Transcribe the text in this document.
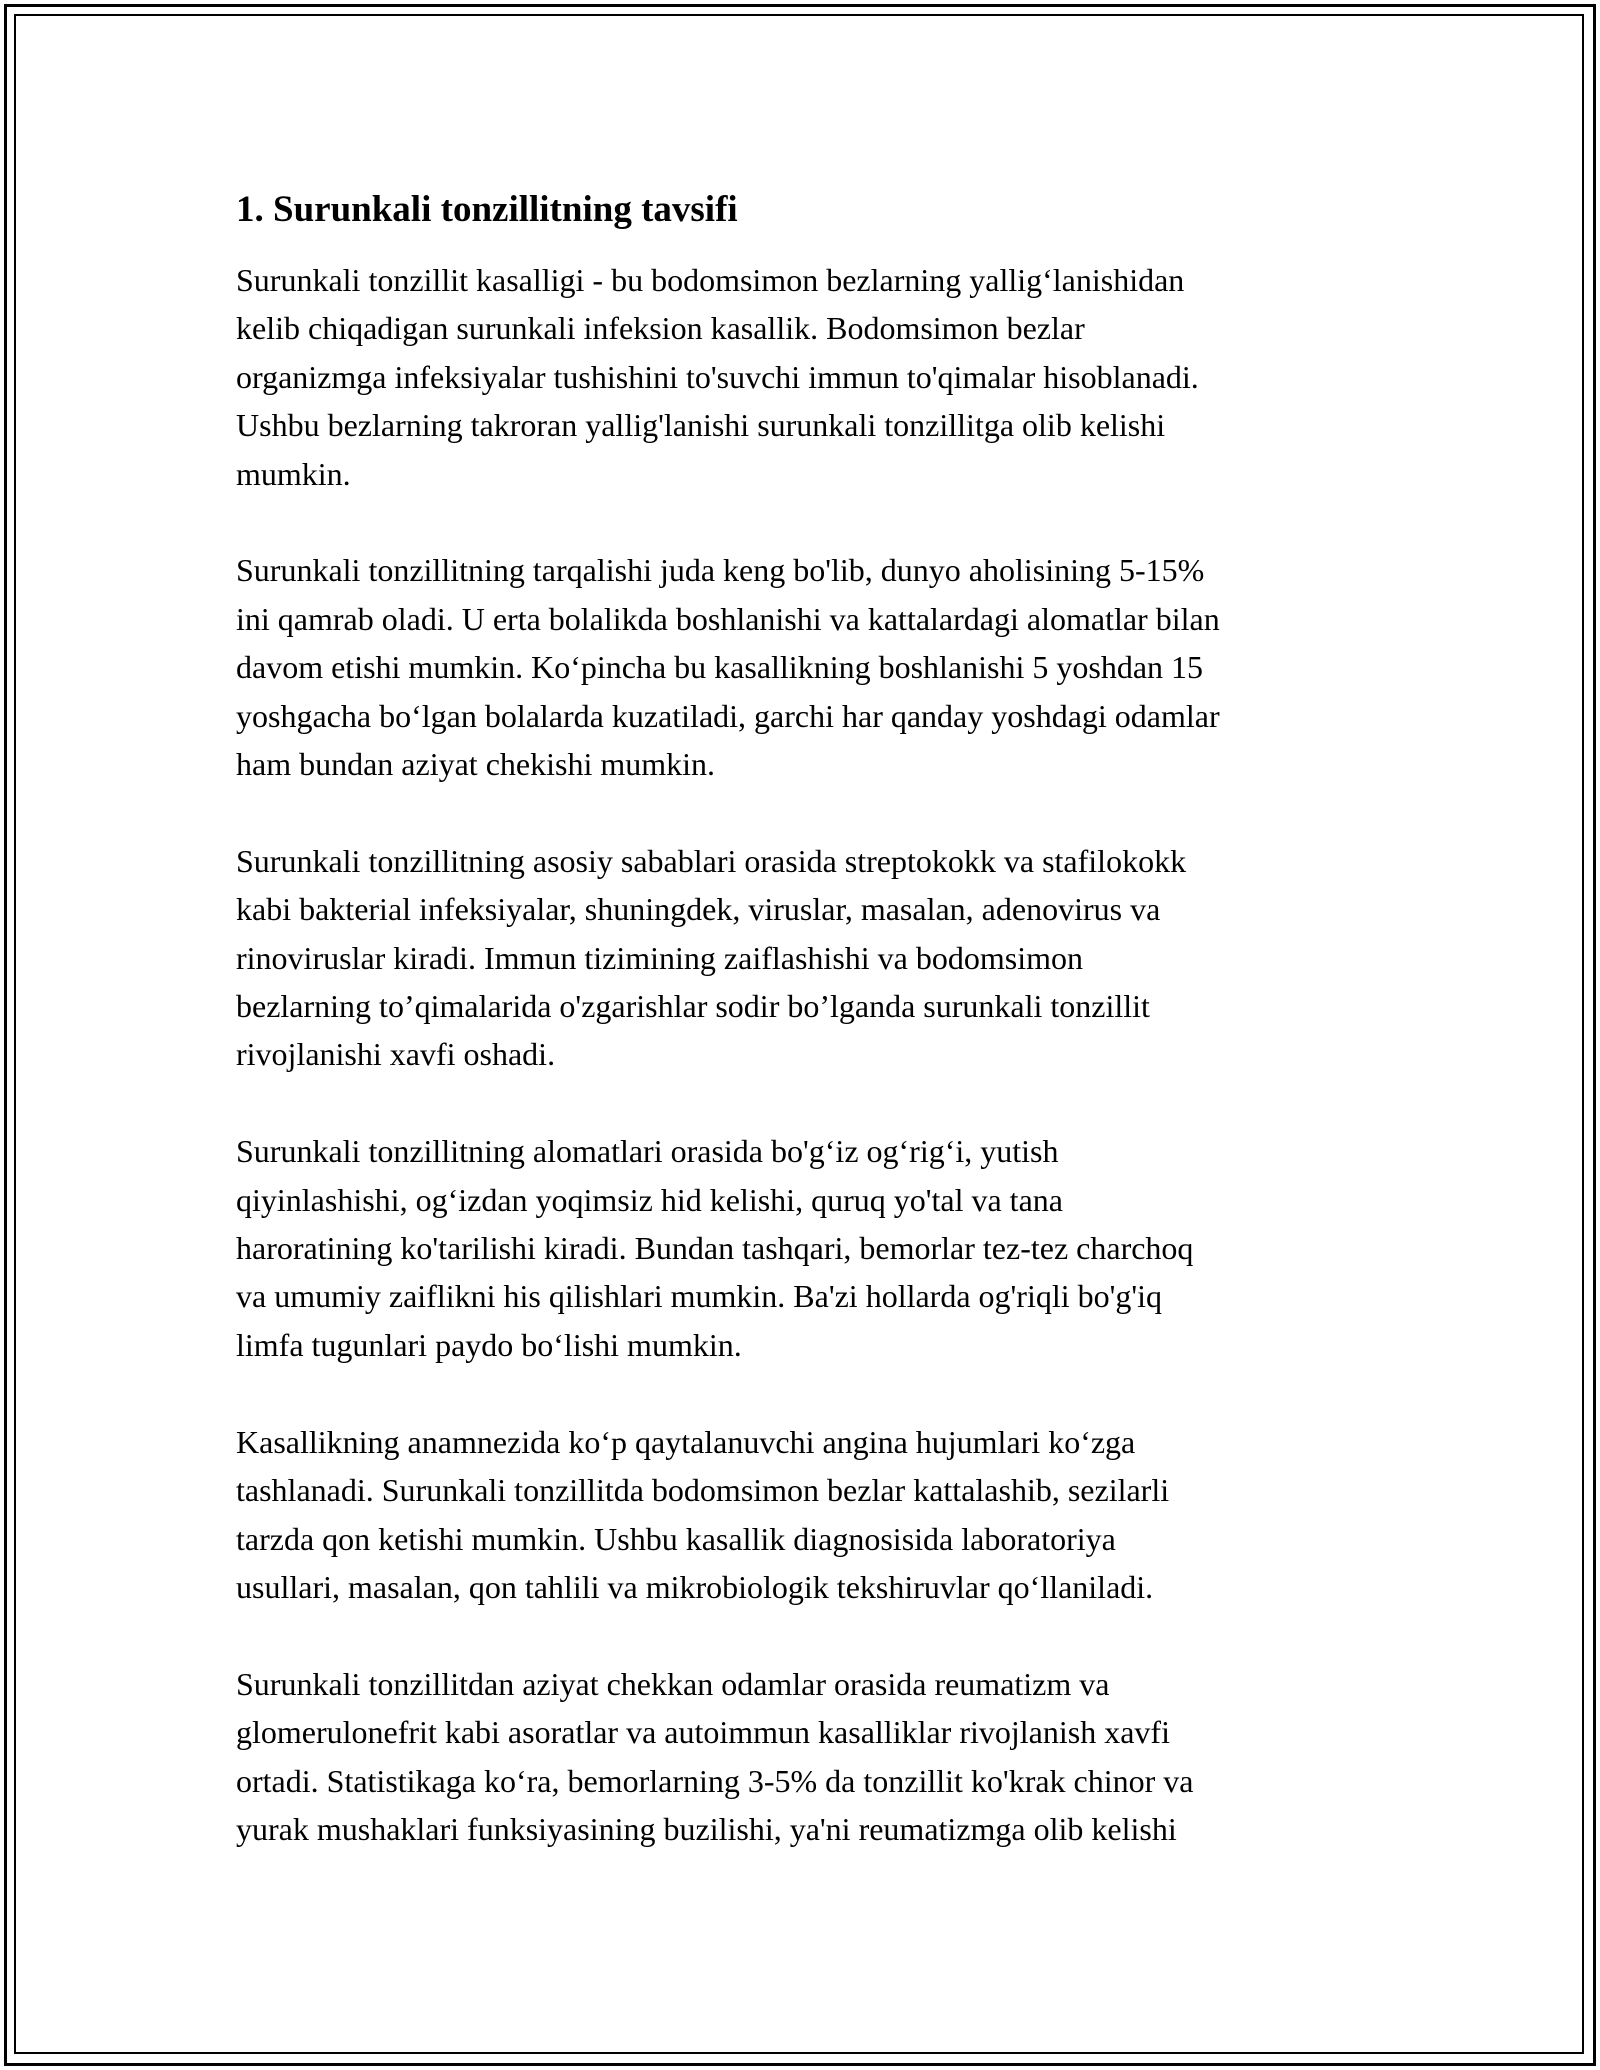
1. Surunkali tonzillitning tavsifi

Surunkali tonzillit kasalligi - bu bodomsimon bezlarning yallig‘lanishidan
kelib chiqadigan surunkali infeksion kasallik. Bodomsimon bezlar
organizmga infeksiyalar tushishini to'suvchi immun to'qimalar hisoblanadi.
Ushbu bezlarning takroran yallig'lanishi surunkali tonzillitga olib kelishi
mumkin.

Surunkali tonzillitning tarqalishi juda keng bo'lib, dunyo aholisining 5-15%
ini qamrab oladi. U erta bolalikda boshlanishi va kattalardagi alomatlar bilan
davom etishi mumkin. Ko‘pincha bu kasallikning boshlanishi 5 yoshdan 15
yoshgacha bo‘lgan bolalarda kuzatiladi, garchi har qanday yoshdagi odamlar
ham bundan aziyat chekishi mumkin.

Surunkali tonzillitning asosiy sabablari orasida streptokokk va stafilokokk
kabi bakterial infeksiyalar, shuningdek, viruslar, masalan, adenovirus va
rinoviruslar kiradi. Immun tizimining zaiflashishi va bodomsimon
bezlarning to’qimalarida o'zgarishlar sodir bo’lganda surunkali tonzillit
rivojlanishi xavfi oshadi.

Surunkali tonzillitning alomatlari orasida bo'g‘iz og‘rig‘i, yutish
qiyinlashishi, og‘izdan yoqimsiz hid kelishi, quruq yo'tal va tana
haroratining ko'tarilishi kiradi. Bundan tashqari, bemorlar tez-tez charchoq
va umumiy zaiflikni his qilishlari mumkin. Ba'zi hollarda og'riqli bo'g'iq
limfa tugunlari paydo bo‘lishi mumkin.

Kasallikning anamnezida ko‘p qaytalanuvchi angina hujumlari ko‘zga
tashlanadi. Surunkali tonzillitda bodomsimon bezlar kattalashib, sezilarli
tarzda qon ketishi mumkin. Ushbu kasallik diagnosisida laboratoriya
usullari, masalan, qon tahlili va mikrobiologik tekshiruvlar qo‘llaniladi.

Surunkali tonzillitdan aziyat chekkan odamlar orasida reumatizm va
glomerulonefrit kabi asoratlar va autoimmun kasalliklar rivojlanish xavfi
ortadi. Statistikaga ko‘ra, bemorlarning 3-5% da tonzillit ko'krak chinor va
yurak mushaklari funksiyasining buzilishi, ya'ni reumatizmga olib kelishi
